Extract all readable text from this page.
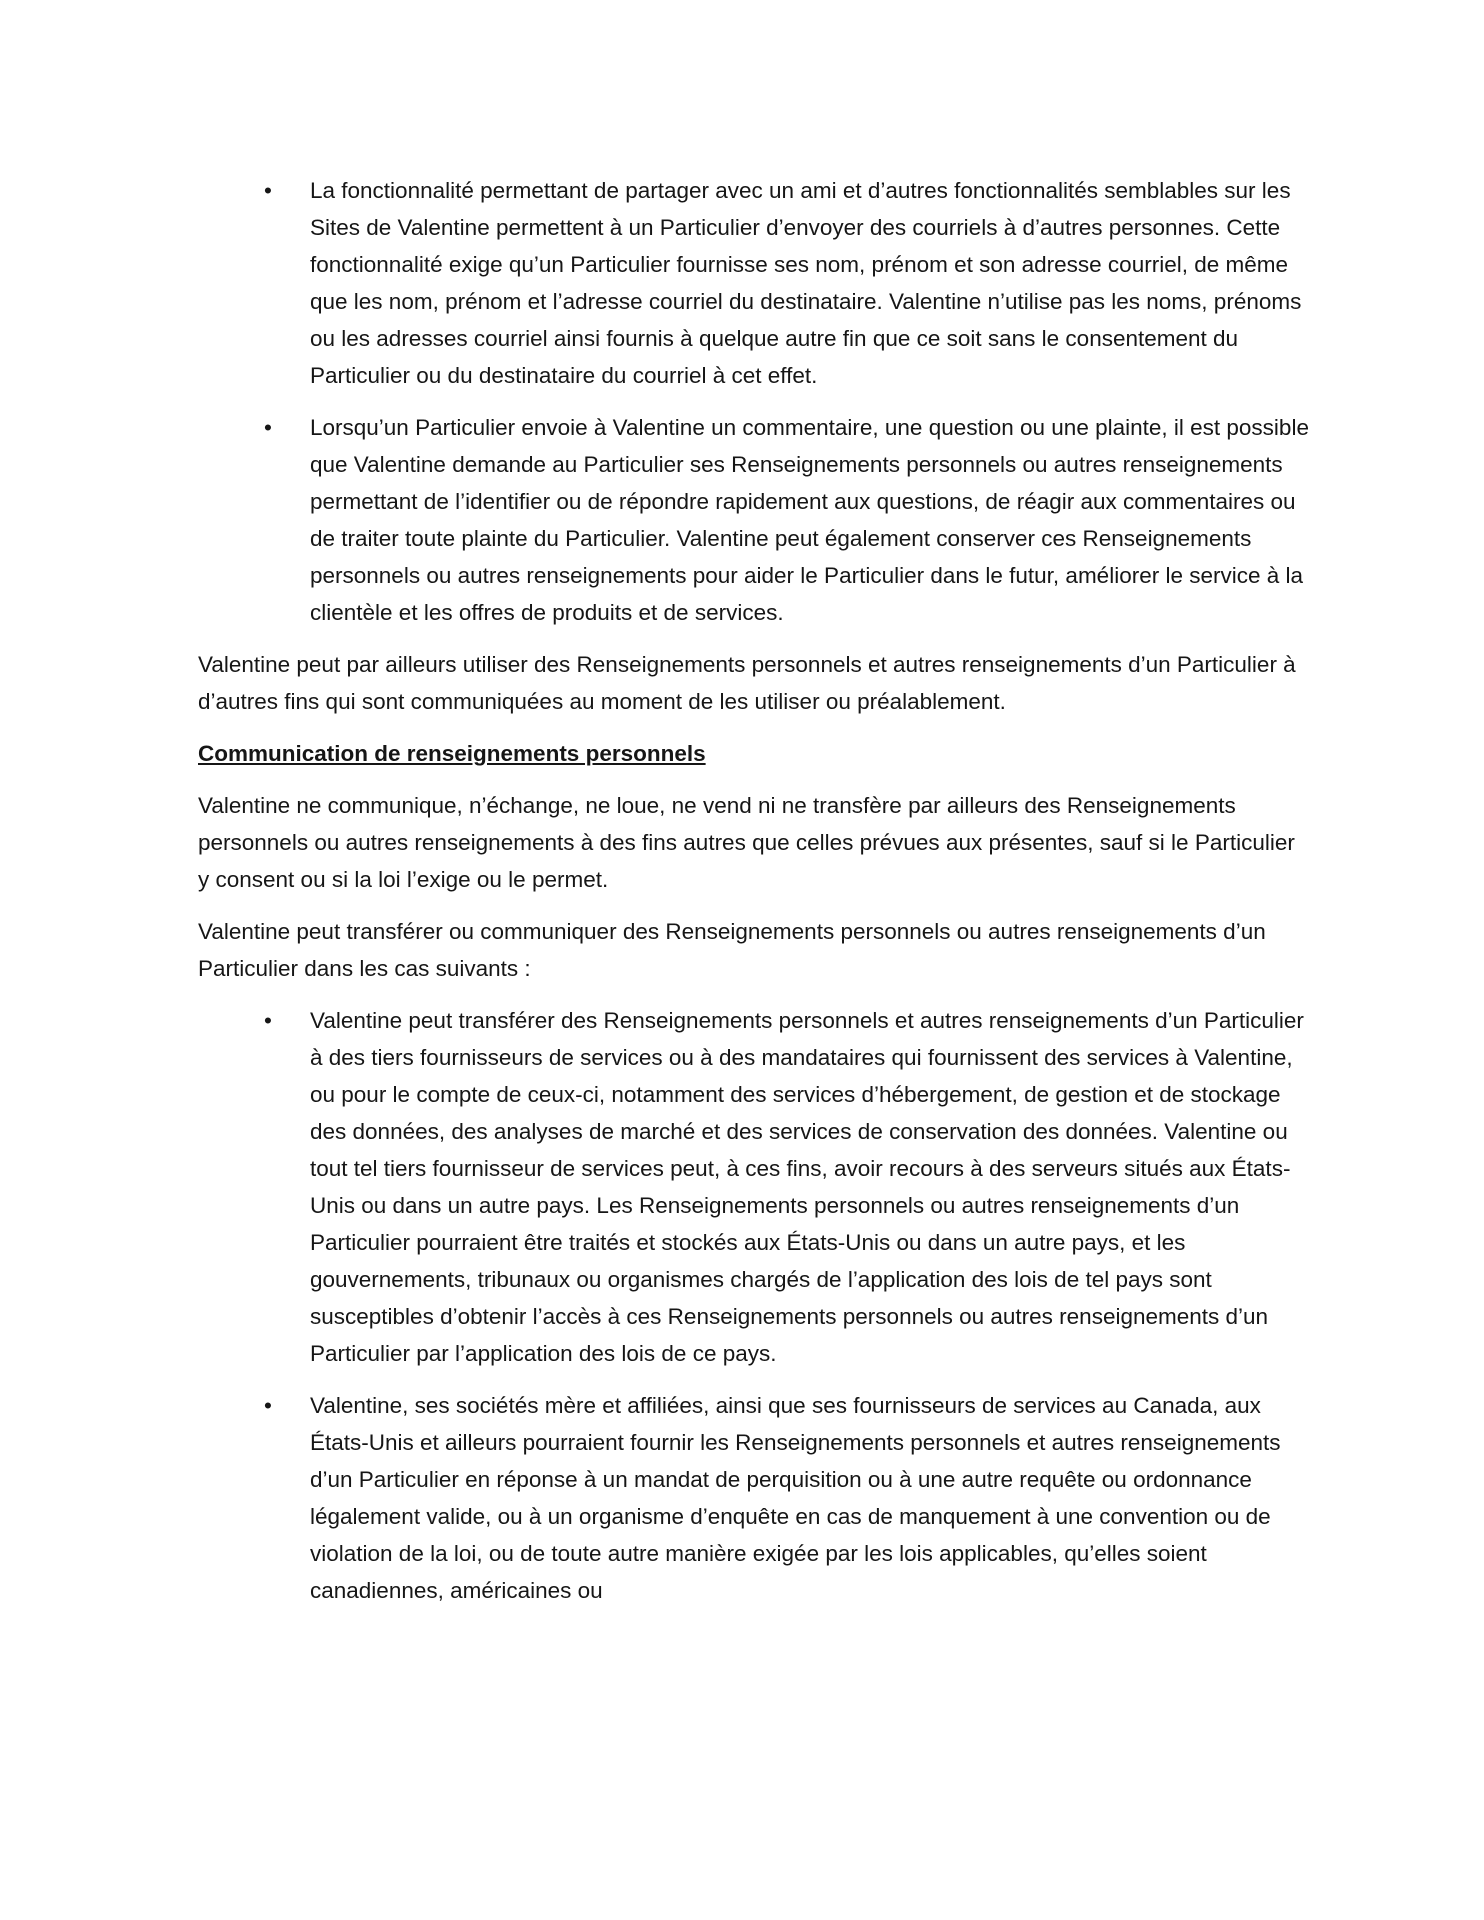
• La fonctionnalité permettant de partager avec un ami et d’autres fonctionnalités semblables sur les Sites de Valentine permettent à un Particulier d’envoyer des courriels à d’autres personnes. Cette fonctionnalité exige qu’un Particulier fournisse ses nom, prénom et son adresse courriel, de même que les nom, prénom et l’adresse courriel du destinataire. Valentine n’utilise pas les noms, prénoms ou les adresses courriel ainsi fournis à quelque autre fin que ce soit sans le consentement du Particulier ou du destinataire du courriel à cet effet.
• Lorsqu’un Particulier envoie à Valentine un commentaire, une question ou une plainte, il est possible que Valentine demande au Particulier ses Renseignements personnels ou autres renseignements permettant de l’identifier ou de répondre rapidement aux questions, de réagir aux commentaires ou de traiter toute plainte du Particulier. Valentine peut également conserver ces Renseignements personnels ou autres renseignements pour aider le Particulier dans le futur, améliorer le service à la clientèle et les offres de produits et de services.

Valentine peut par ailleurs utiliser des Renseignements personnels et autres renseignements d’un Particulier à d’autres fins qui sont communiquées au moment de les utiliser ou préalablement.

Communication de renseignements personnels

Valentine ne communique, n’échange, ne loue, ne vend ni ne transfère par ailleurs des Renseignements personnels ou autres renseignements à des fins autres que celles prévues aux présentes, sauf si le Particulier y consent ou si la loi l’exige ou le permet.

Valentine peut transférer ou communiquer des Renseignements personnels ou autres renseignements d’un Particulier dans les cas suivants :

• Valentine peut transférer des Renseignements personnels et autres renseignements d’un Particulier à des tiers fournisseurs de services ou à des mandataires qui fournissent des services à Valentine, ou pour le compte de ceux-ci, notamment des services d’hébergement, de gestion et de stockage des données, des analyses de marché et des services de conservation des données. Valentine ou tout tel tiers fournisseur de services peut, à ces fins, avoir recours à des serveurs situés aux États-Unis ou dans un autre pays. Les Renseignements personnels ou autres renseignements d’un Particulier pourraient être traités et stockés aux États-Unis ou dans un autre pays, et les gouvernements, tribunaux ou organismes chargés de l’application des lois de tel pays sont susceptibles d’obtenir l’accès à ces Renseignements personnels ou autres renseignements d’un Particulier par l’application des lois de ce pays.
• Valentine, ses sociétés mère et affiliées, ainsi que ses fournisseurs de services au Canada, aux États-Unis et ailleurs pourraient fournir les Renseignements personnels et autres renseignements d’un Particulier en réponse à un mandat de perquisition ou à une autre requête ou ordonnance légalement valide, ou à un organisme d’enquête en cas de manquement à une convention ou de violation de la loi, ou de toute autre manière exigée par les lois applicables, qu’elles soient canadiennes, américaines ou
